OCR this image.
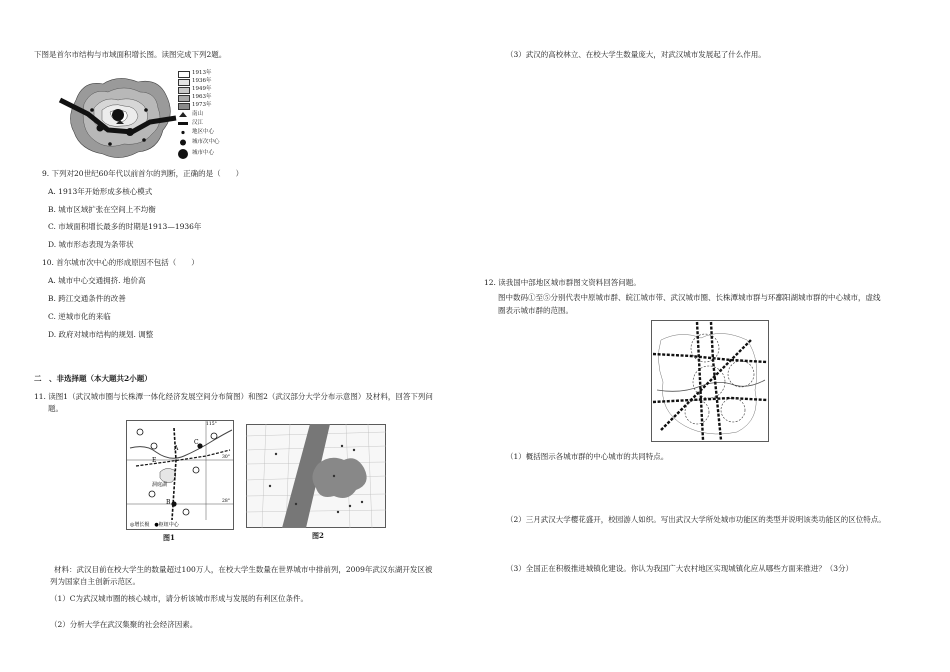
下图是首尔市结构与市域面积增长图。读图完成下列2题。
1913年
1936年
1949年
1963年
1973年
南山
汉江
地区中心
城市次中心
城市中心
9. 下列对20世纪60年代以前首尔的判断，正确的是（　　）
A. 1913年开始形成多核心模式
B. 城市区域扩张在空间上不均衡
C. 市域面积增长最多的时期是1913—1936年
D. 城市形态表现为条带状
10. 首尔城市次中心的形成原因不包括（　　）
A. 城市中心交通拥挤. 地价高
B. 跨江交通条件的改善
C. 逆城市化的来临
D. 政府对城市结构的规划. 调整
二　、非选择题（本大题共2小题）
11. 读图1（武汉城市圈与长株潭一体化经济发展空间分布简图）和图2（武汉部分大学分布示意图）及材料，回答下列问
题。
C
A
B
E
洞庭湖
115°
30°
28°
◎增长极　●枢纽中心
图1	图2
材料：武汉目前在校大学生的数量超过100万人，在校大学生数量在世界城市中排前列，2009年武汉东湖开发区被
列为国家自主创新示范区。
（1）C为武汉城市圈的核心城市，请分析该城市形成与发展的有利区位条件。
（2）分析大学在武汉集聚的社会经济因素。
（3）武汉的高校林立、在校大学生数量庞大，对武汉城市发展起了什么作用。
12. 读我国中部地区城市群图文资料回答问题。
图中数码①至⑤分别代表中原城市群、皖江城市带、武汉城市圈、长株潭城市群与环鄱阳湖城市群的中心城市，虚线
圈表示城市群的范围。
（1）概括图示各城市群的中心城市的共同特点。
（2）三月武汉大学樱花盛开，校园游人如织。写出武汉大学所处城市功能区的类型并说明该类功能区的区位特点。
（3）全国正在积极推进城镇化建设。你认为我国广大农村地区实现城镇化应从哪些方面来推进？（3分）
